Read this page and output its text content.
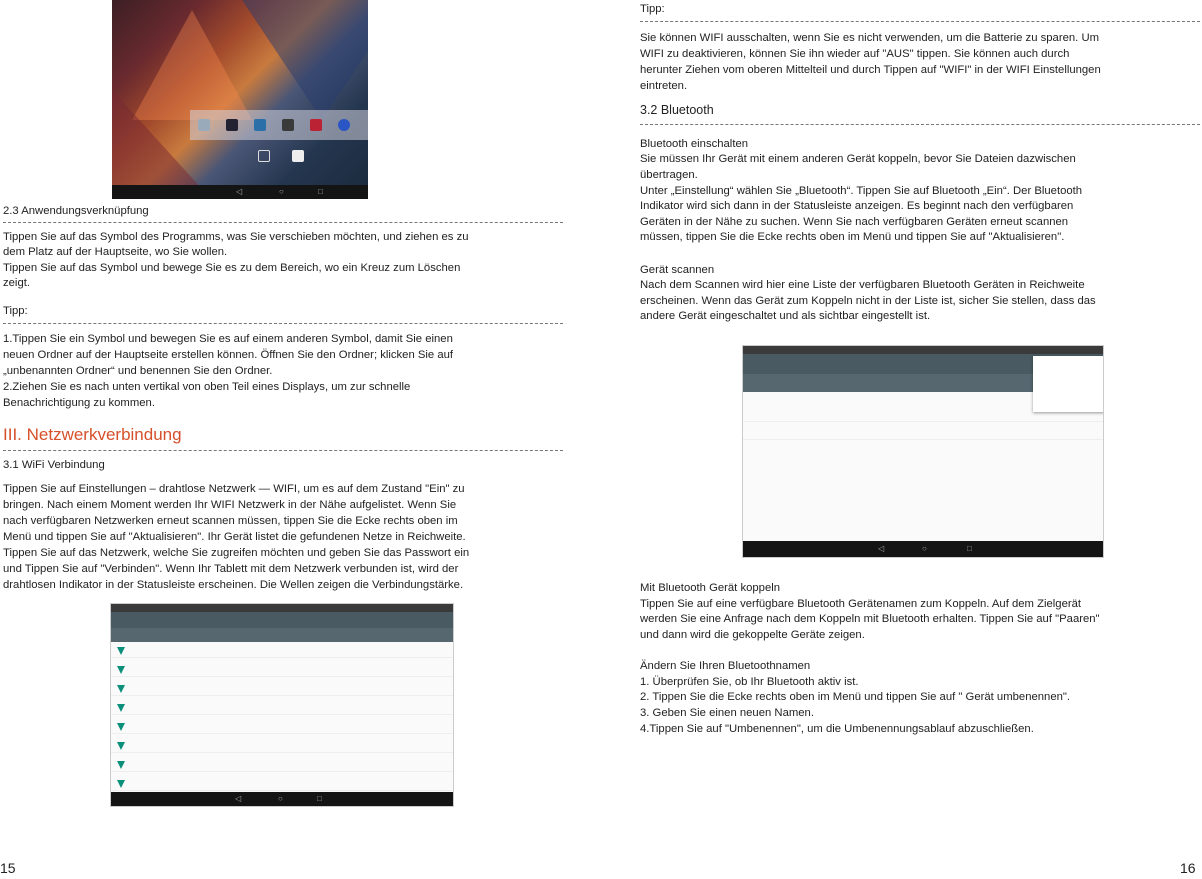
◁	○	□
2.3 Anwendungsverknüpfung
Tippen Sie auf das Symbol des Programms, was Sie verschieben möchten, und ziehen es zu
dem Platz auf der Hauptseite, wo Sie wollen.
Tippen Sie auf das Symbol und bewege Sie es zu dem Bereich, wo ein Kreuz zum Löschen
zeigt.
Tipp:
1.Tippen Sie ein Symbol und bewegen Sie es auf einem anderen Symbol, damit Sie einen
neuen Ordner auf der Hauptseite erstellen können. Öffnen Sie den Ordner; klicken Sie auf
„unbenannten Ordner“ und benennen Sie den Ordner.
2.Ziehen Sie es nach unten vertikal von oben Teil eines Displays, um zur schnelle
Benachrichtigung zu kommen.
III. Netzwerkverbindung
3.1 WiFi Verbindung
Tippen Sie auf Einstellungen – drahtlose Netzwerk — WIFI, um es auf dem Zustand "Ein" zu
bringen. Nach einem Moment werden Ihr WIFI Netzwerk in der Nähe aufgelistet. Wenn Sie
nach verfügbaren Netzwerken erneut scannen müssen, tippen Sie die Ecke rechts oben im
Menü und tippen Sie auf "Aktualisieren". Ihr Gerät listet die gefundenen Netze in Reichweite.
Tippen Sie auf das Netzwerk, welche Sie zugreifen möchten und geben Sie das Passwort ein
und Tippen Sie auf "Verbinden". Wenn Ihr Tablett mit dem Netzwerk verbunden ist, wird der
drahtlosen Indikator in der Statusleiste erscheinen. Die Wellen zeigen die Verbindungstärke.
◁	○	□
15
Tipp:
Sie können WIFI ausschalten, wenn Sie es nicht verwenden, um die Batterie zu sparen. Um
WIFI zu deaktivieren, können Sie ihn wieder auf "AUS" tippen. Sie können auch durch
herunter Ziehen vom oberen Mittelteil und durch Tippen auf "WIFI" in der WIFI Einstellungen
eintreten.
3.2 Bluetooth
Bluetooth einschalten
Sie müssen Ihr Gerät mit einem anderen Gerät koppeln, bevor Sie Dateien dazwischen
übertragen.
Unter „Einstellung“ wählen Sie „Bluetooth“. Tippen Sie auf Bluetooth „Ein“. Der Bluetooth
Indikator wird sich dann in der Statusleiste anzeigen. Es beginnt nach den verfügbaren
Geräten in der Nähe zu suchen. Wenn Sie nach verfügbaren Geräten erneut scannen
müssen, tippen Sie die Ecke rechts oben im Menü und tippen Sie auf "Aktualisieren".
Gerät scannen
Nach dem Scannen wird hier eine Liste der verfügbaren Bluetooth Geräten in Reichweite
erscheinen. Wenn das Gerät zum Koppeln nicht in der Liste ist, sicher Sie stellen, dass das
andere Gerät eingeschaltet und als sichtbar eingestellt ist.
◁	○	□
Mit Bluetooth Gerät koppeln
Tippen Sie auf eine verfügbare Bluetooth Gerätenamen zum Koppeln. Auf dem Zielgerät
werden Sie eine Anfrage nach dem Koppeln mit Bluetooth erhalten. Tippen Sie auf "Paaren"
und dann wird die gekoppelte Geräte zeigen.
Ändern Sie Ihren Bluetoothnamen
1. Überprüfen Sie, ob Ihr Bluetooth aktiv ist.
2. Tippen Sie die Ecke rechts oben im Menü und tippen Sie auf " Gerät umbenennen".
3. Geben Sie einen neuen Namen.
4.Tippen Sie auf "Umbenennen", um die Umbenennungsablauf abzuschließen.
16
